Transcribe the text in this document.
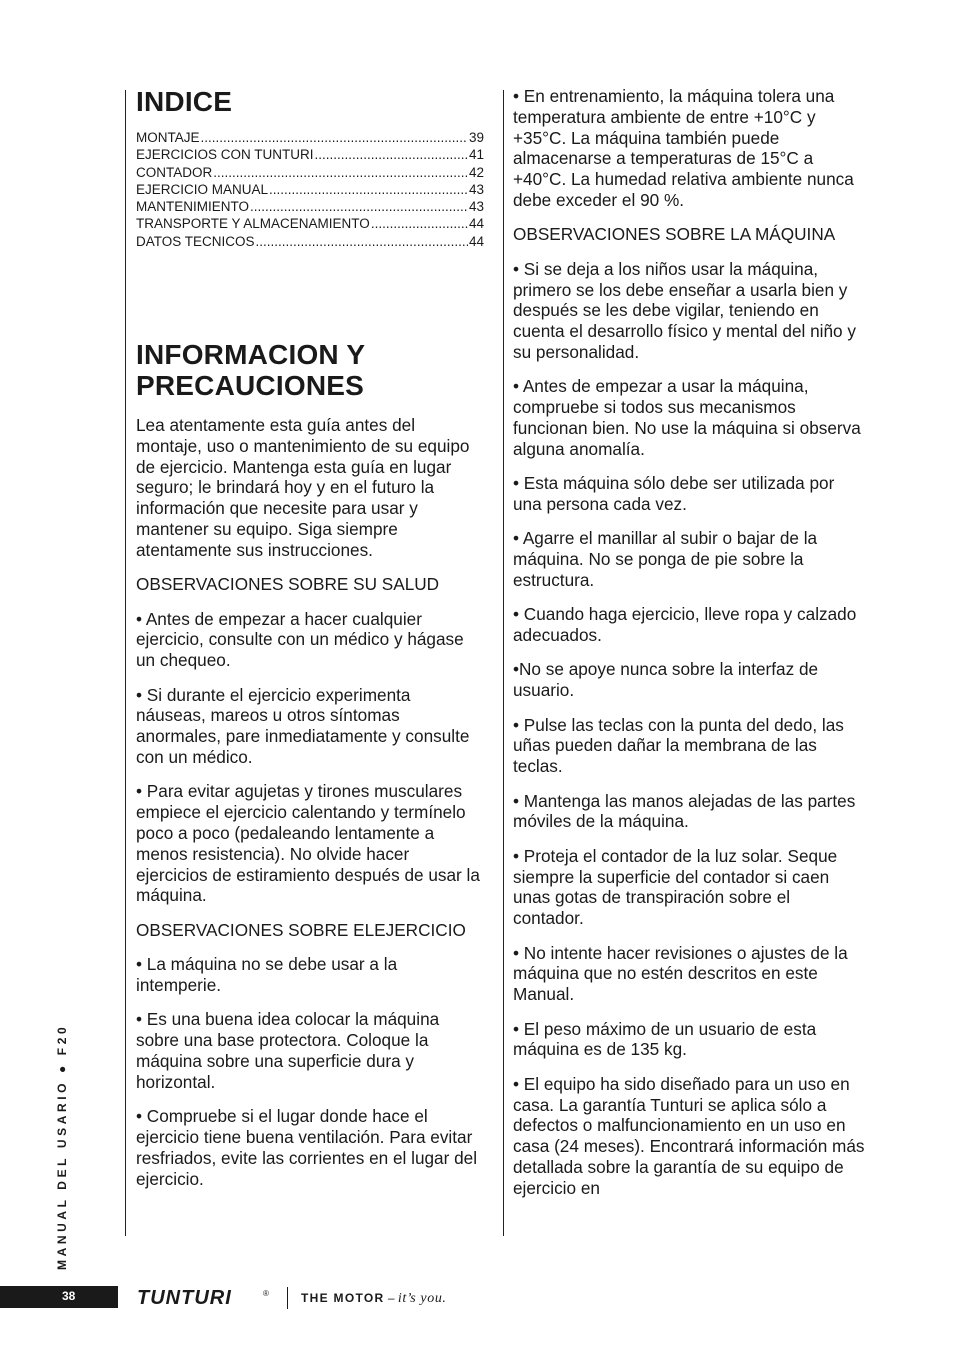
INDICE
MONTAJE .....	39
EJERCICIOS CON TUNTURI .....	41
CONTADOR .....	42
EJERCICIO MANUAL .....	43
MANTENIMIENTO .....	43
TRANSPORTE Y ALMACENAMIENTO .....	44
DATOS TECNICOS .....	44
INFORMACION Y
PRECAUCIONES

Lea atentamente esta guía antes del montaje, uso o mantenimiento de su equipo de ejercicio. Mantenga esta guía en lugar seguro; le brindará hoy y en el futuro la información que necesite para usar y mantener su equipo. Siga siempre atentamente sus instrucciones.

OBSERVACIONES SOBRE SU SALUD

• Antes de empezar a hacer cualquier ejercicio, consulte con un médico y hágase un chequeo.

• Si durante el ejercicio experimenta náuseas, mareos u otros síntomas anormales, pare inmediatamente y consulte con un médico.

• Para evitar agujetas y tirones musculares empiece el ejercicio calentando y termínelo poco a poco (pedaleando lentamente a menos resistencia). No olvide hacer ejercicios de estiramiento después de usar la máquina.

OBSERVACIONES SOBRE ELEJERCICIO

• La máquina no se debe usar a la intemperie.

• Es una buena idea colocar la máquina sobre una base protectora. Coloque la máquina sobre una superficie dura y horizontal.

• Compruebe si el lugar donde hace el ejercicio tiene buena ventilación. Para evitar resfriados, evite las corrientes en el lugar del ejercicio.

• En entrenamiento, la máquina tolera una temperatura ambiente de entre +10°C y +35°C. La máquina también puede almacenarse a temperaturas de 15°C a +40°C. La humedad relativa ambiente nunca debe exceder el 90 %.

OBSERVACIONES SOBRE LA MÁQUINA

• Si se deja a los niños usar la máquina, primero se los debe enseñar a usarla bien y después se les debe vigilar, teniendo en cuenta el desarrollo físico y mental del niño y su personalidad.

• Antes de empezar a usar la máquina, compruebe si todos sus mecanismos funcionan bien. No use la máquina si observa alguna anomalía.

• Esta máquina sólo debe ser utilizada por una persona cada vez.

• Agarre el manillar al subir o bajar de la máquina. No se ponga de pie sobre la estructura.

• Cuando haga ejercicio, lleve ropa y calzado adecuados.

•No se apoye nunca sobre la interfaz de usuario.

• Pulse las teclas con la punta del dedo, las uñas pueden dañar la membrana de las teclas.

• Mantenga las manos alejadas de las partes móviles de la máquina.

• Proteja el contador de la luz solar. Seque siempre la superficie del contador si caen unas gotas de transpiración sobre el contador.

• No intente hacer revisiones o ajustes de la máquina que no estén descritos en este Manual.

• El peso máximo de un usuario de esta máquina es de 135 kg.

• El equipo ha sido diseñado para un uso en casa. La garantía Tunturi se aplica sólo a defectos o malfuncionamiento en un uso en casa (24 meses). Encontrará información más detallada sobre la garantía de su equipo de ejercicio en

MANUAL DEL USARIO ● F20
38	TUNTURI	®	THE MOTOR – it’s you.
